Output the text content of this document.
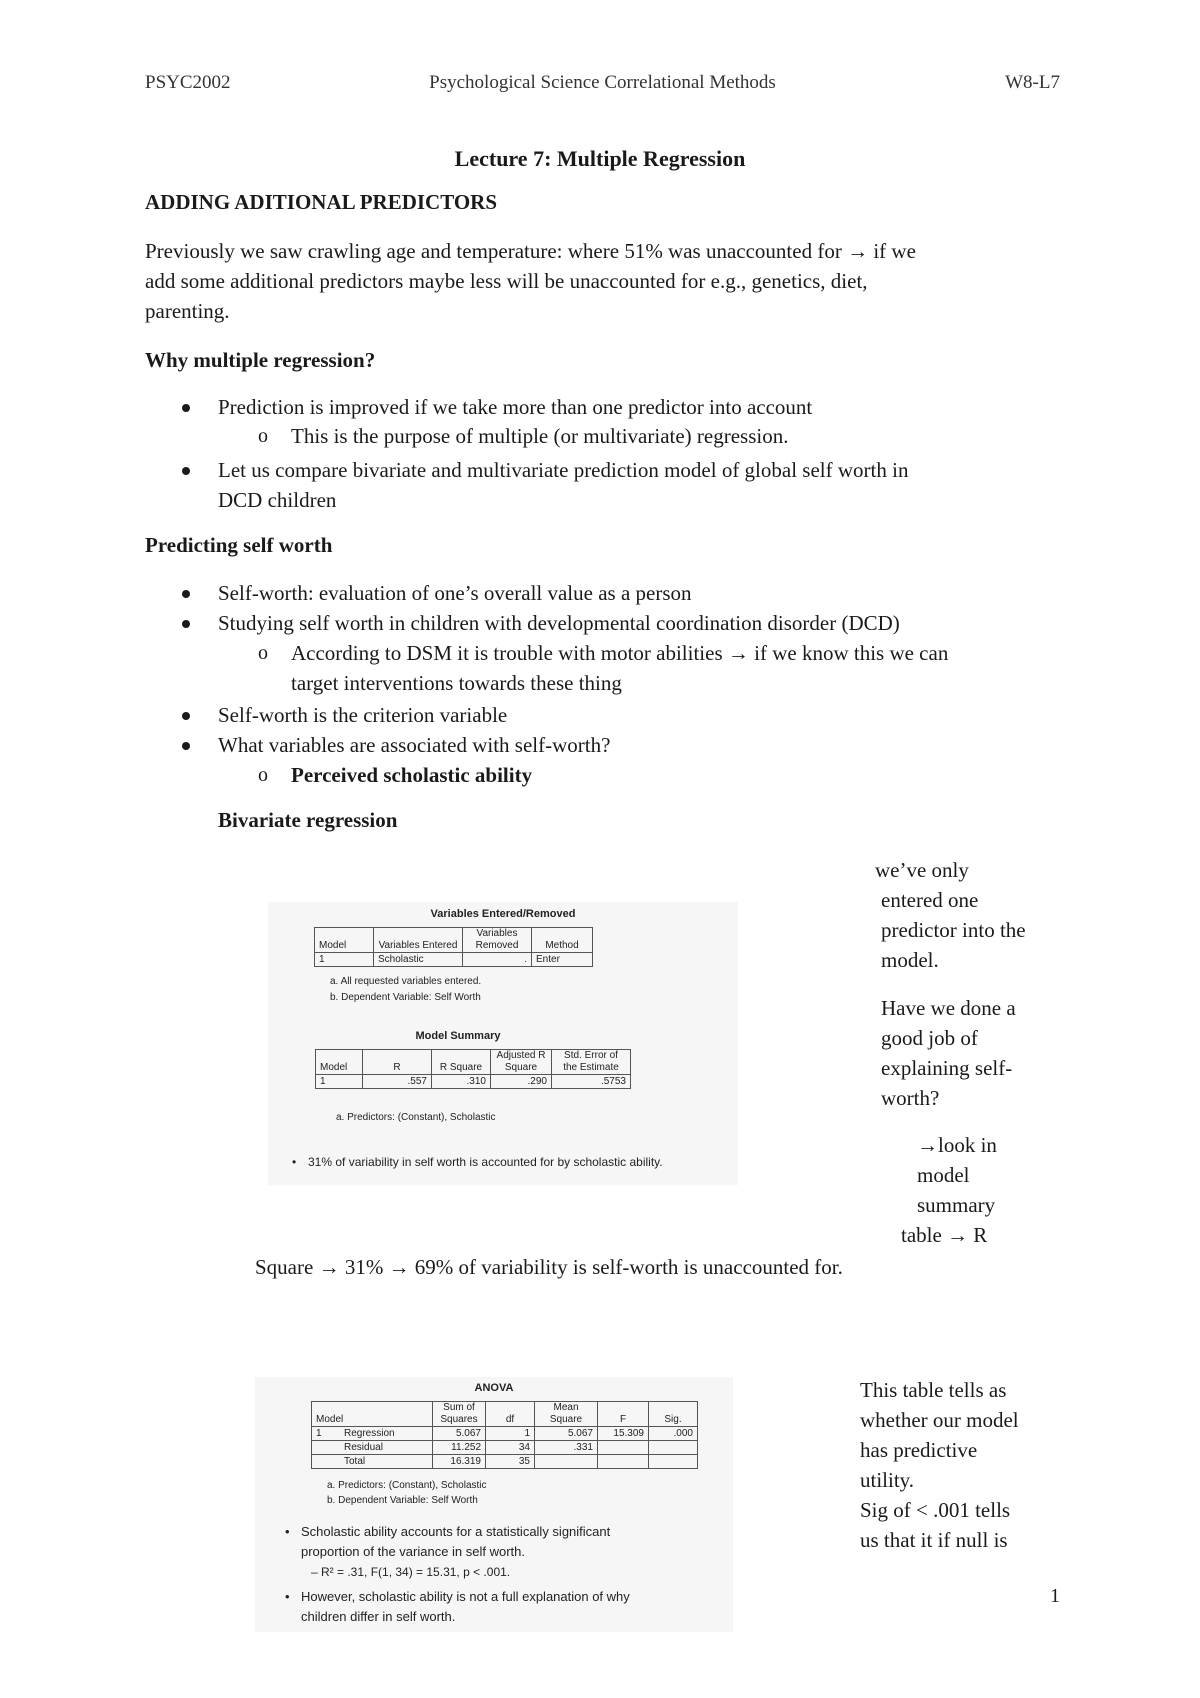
PSYC2002	Psychological Science Correlational Methods	W8-L7
Lecture 7: Multiple Regression
ADDING ADITIONAL PREDICTORS
Previously we saw crawling age and temperature: where 51% was unaccounted for → if we
add some additional predictors maybe less will be unaccounted for e.g., genetics, diet,
parenting.
Why multiple regression?
Prediction is improved if we take more than one predictor into account
o This is the purpose of multiple (or multivariate) regression.
Let us compare bivariate and multivariate prediction model of global self worth in
DCD children
Predicting self worth
Self-worth: evaluation of one’s overall value as a person
Studying self worth in children with developmental coordination disorder (DCD)
o According to DSM it is trouble with motor abilities → if we know this we can
target interventions towards these thing
Self-worth is the criterion variable
What variables are associated with self-worth?
o Perceived scholastic ability
Bivariate regression
we’ve only
entered one
predictor into the
model.
Have we done a
good job of
explaining self-
worth?
→look in
model
summary
table → R
Square → 31% → 69% of variability is self-worth is unaccounted for.
Variables Entered/Removed
Model	Variables Entered	Variables Removed	Method
1	Scholastic	.	Enter
a. All requested variables entered.
b. Dependent Variable: Self Worth
Model Summary
Model	R	R Square	Adjusted R Square	Std. Error of the Estimate
1	.557	.310	.290	.5753
a. Predictors: (Constant), Scholastic
• 31% of variability in self worth is accounted for by scholastic ability.
This table tells as
whether our model
has predictive
utility.
Sig of < .001 tells
us that it if null is
ANOVA
Model		Sum of Squares	df	Mean Square	F	Sig.
1	Regression	5.067	1	5.067	15.309	.000
	Residual	11.252	34	.331		
	Total	16.319	35			
a. Predictors: (Constant), Scholastic
b. Dependent Variable: Self Worth
• Scholastic ability accounts for a statistically significant
proportion of the variance in self worth.
– R² = .31, F(1, 34) = 15.31, p < .001.
• However, scholastic ability is not a full explanation of why
children differ in self worth.
1
